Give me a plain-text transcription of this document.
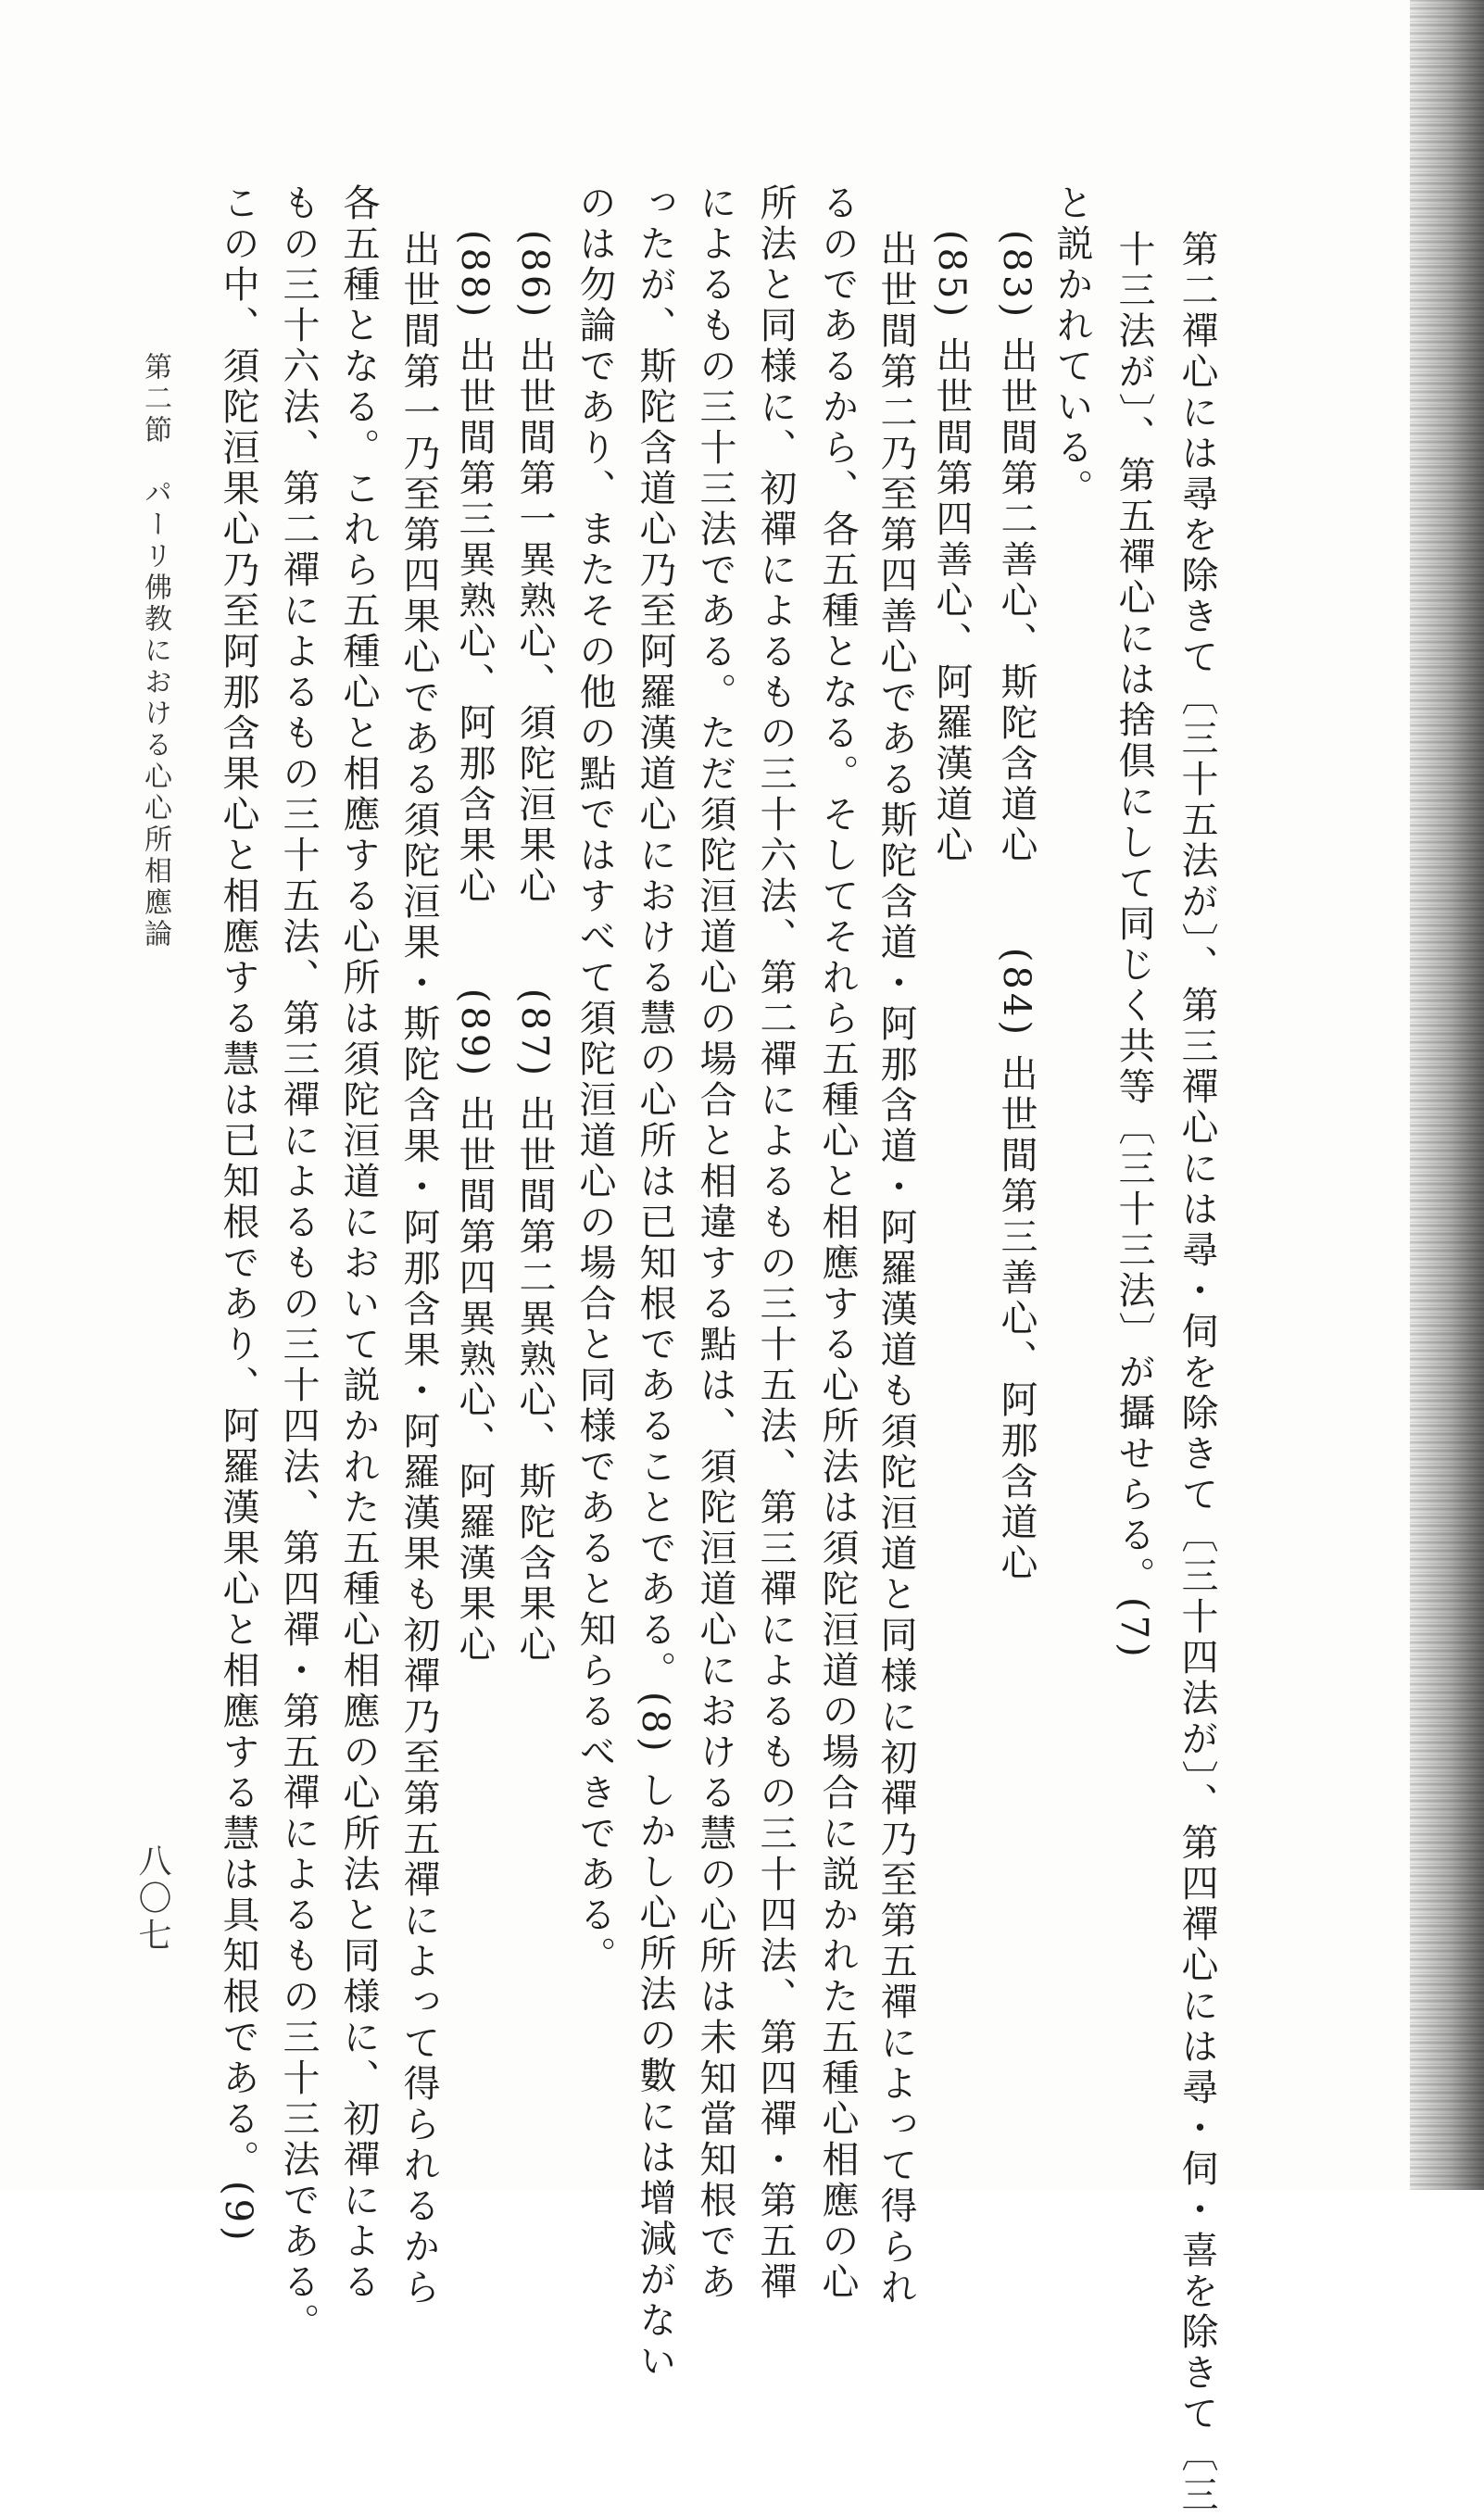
第二禪心には尋を除きて〔三十五法が〕、第三禪心には尋・伺を除きて〔三十四法が〕、第四禪心には尋・伺・喜を除きて〔三
十三法が〕、第五禪心には捨倶にして同じく共等〔三十三法〕が攝せらる。(7)
と説かれている。
(83) 出世間第二善心、斯陀含道心　　(84) 出世間第三善心、阿那含道心
(85) 出世間第四善心、阿羅漢道心
出世間第二乃至第四善心である斯陀含道・阿那含道・阿羅漢道も須陀洹道と同様に初禪乃至第五禪によって得られ
るのであるから、各五種となる。そしてそれら五種心と相應する心所法は須陀洹道の場合に説かれた五種心相應の心
所法と同様に、初禪によるもの三十六法、第二禪によるもの三十五法、第三禪によるもの三十四法、第四禪・第五禪
によるもの三十三法である。ただ須陀洹道心の場合と相違する點は、須陀洹道心における慧の心所は未知當知根であ
ったが、斯陀含道心乃至阿羅漢道心における慧の心所は已知根であることである。(8) しかし心所法の數には增減がない
のは勿論であり、またその他の點ではすべて須陀洹道心の場合と同様であると知らるべきである。
(86) 出世間第一異熟心、須陀洹果心　　(87) 出世間第二異熟心、斯陀含果心
(88) 出世間第三異熟心、阿那含果心　　(89) 出世間第四異熟心、阿羅漢果心
出世間第一乃至第四果心である須陀洹果・斯陀含果・阿那含果・阿羅漢果も初禪乃至第五禪によって得られるから
各五種となる。これら五種心と相應する心所は須陀洹道において説かれた五種心相應の心所法と同様に、初禪による
もの三十六法、第二禪によるもの三十五法、第三禪によるもの三十四法、第四禪・第五禪によるもの三十三法である。
この中、須陀洹果心乃至阿那含果心と相應する慧は已知根であり、阿羅漢果心と相應する慧は具知根である。(9)
第二節　パーリ佛教における心心所相應論
八〇七
